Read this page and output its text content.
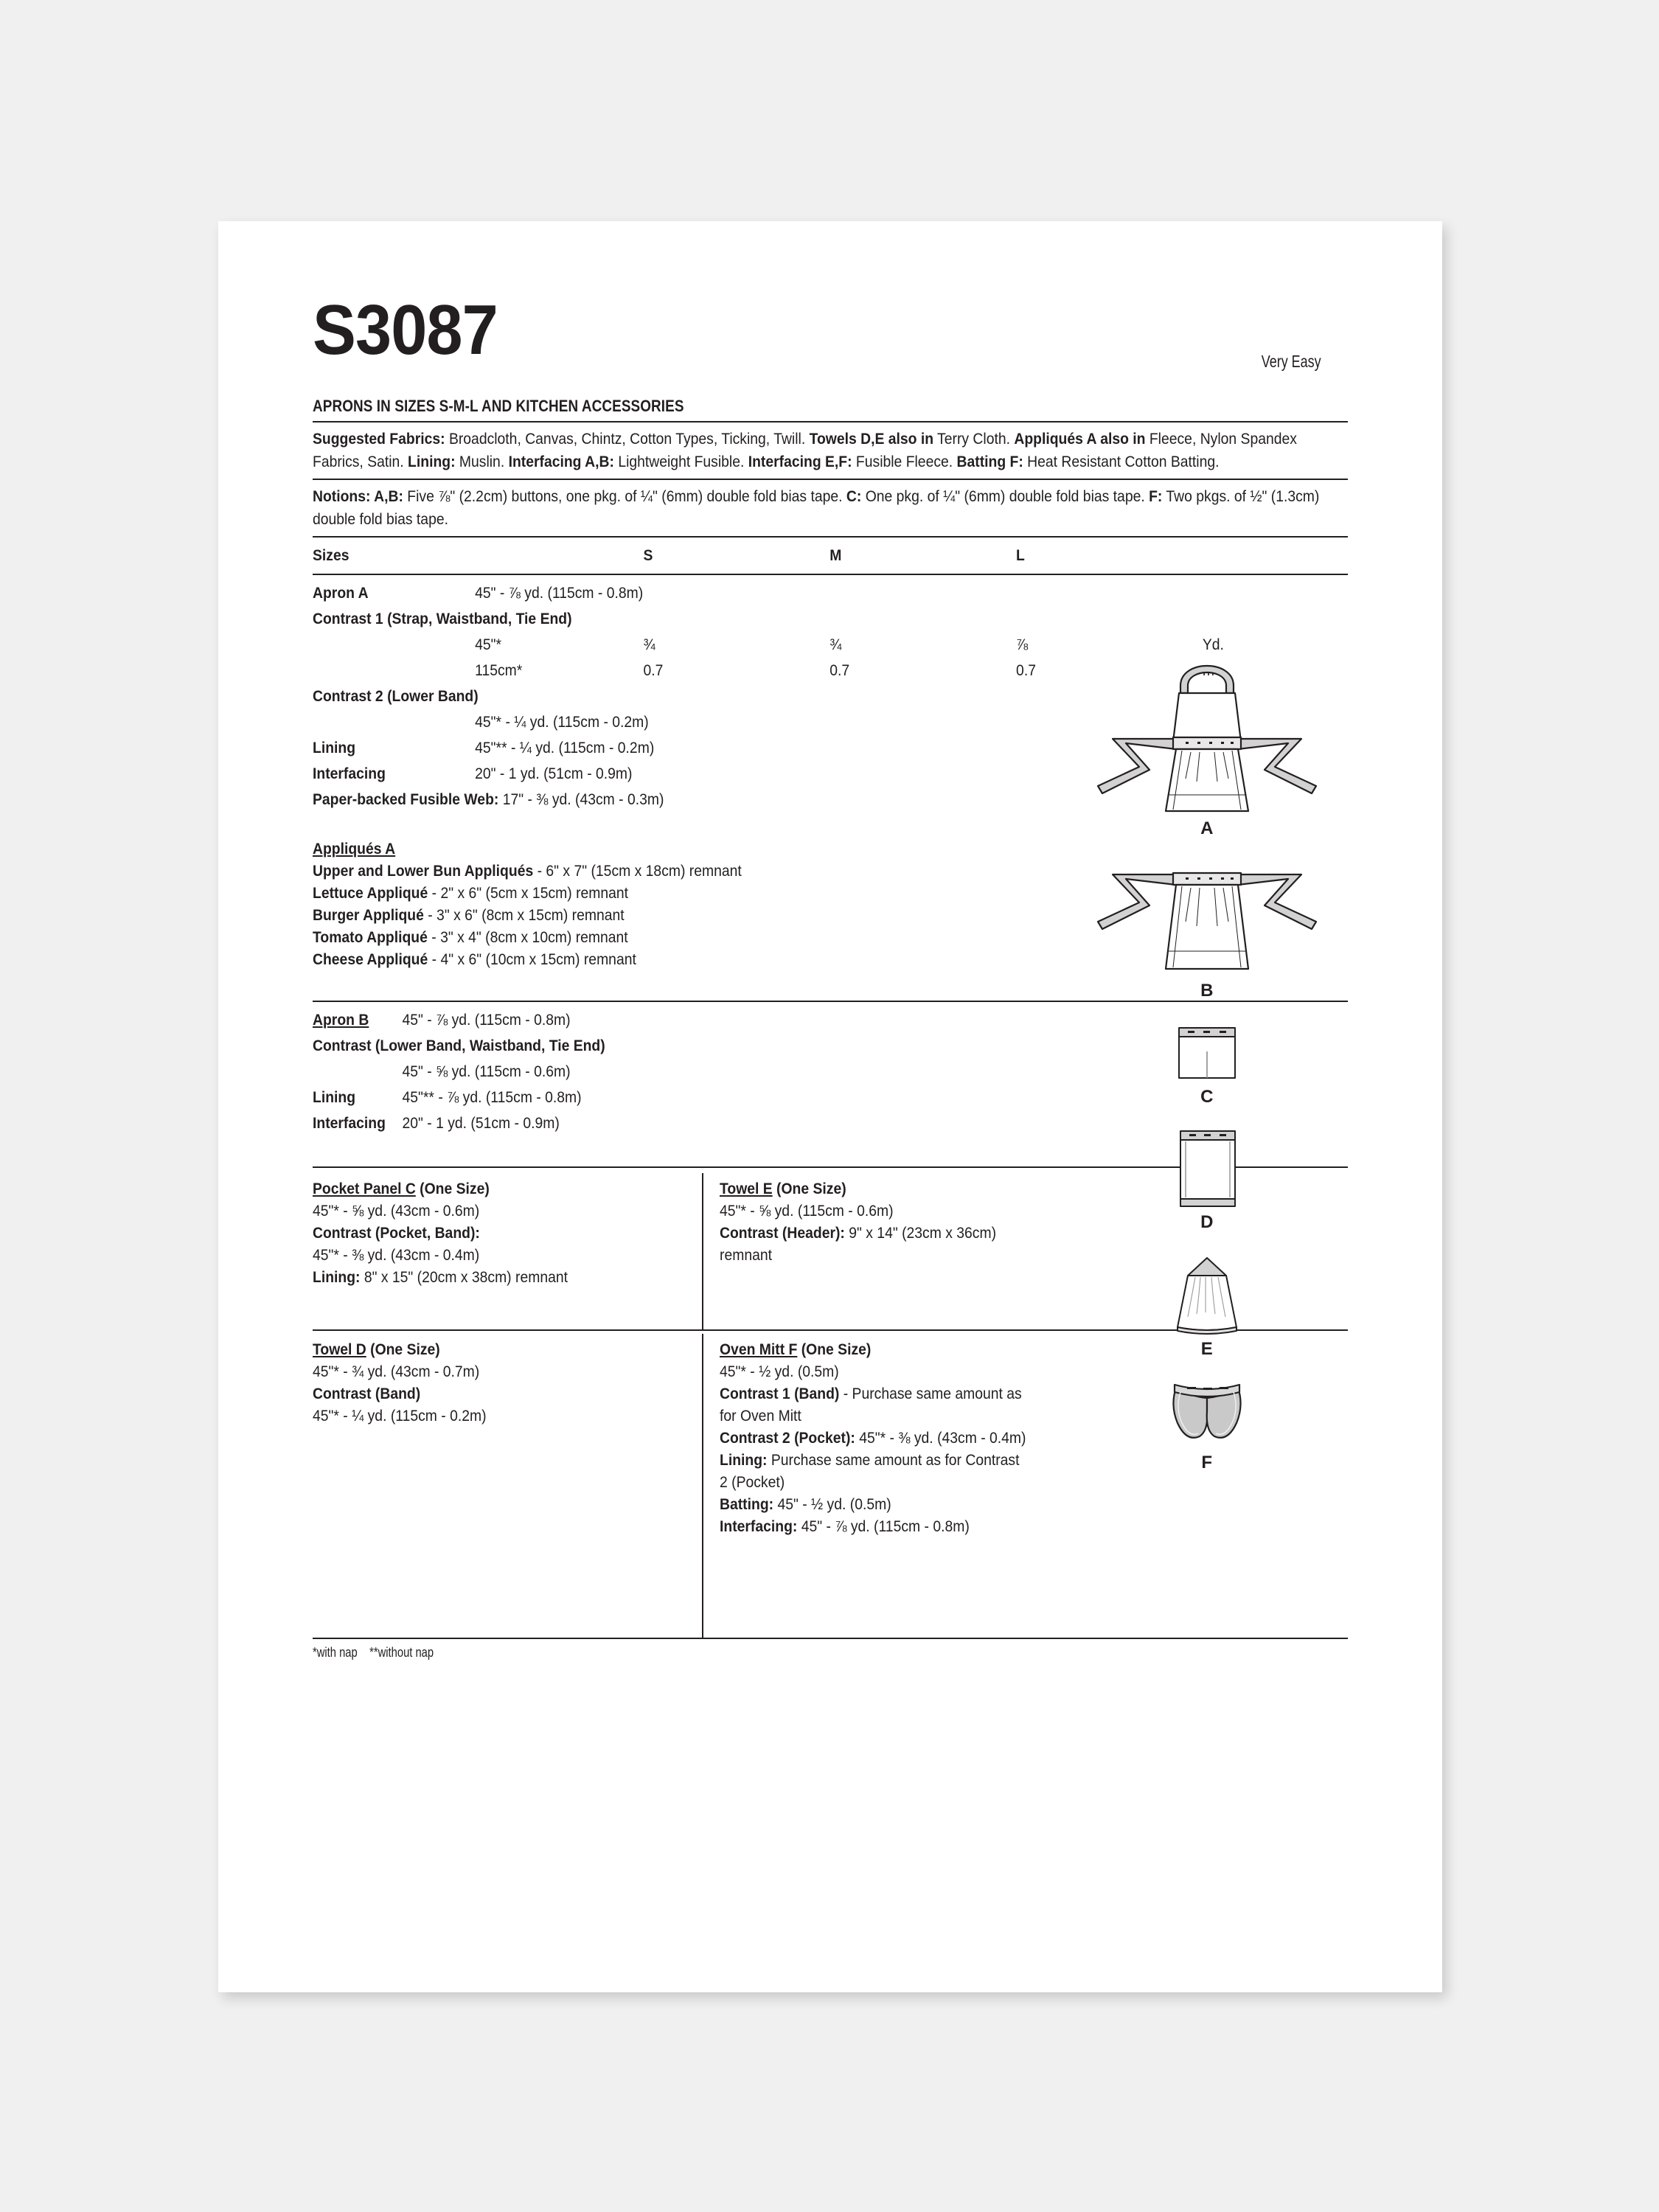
S3087	Very Easy
APRONS IN SIZES S-M-L AND KITCHEN ACCESSORIES
Suggested Fabrics: Broadcloth, Canvas, Chintz, Cotton Types, Ticking, Twill. Towels D,E also in Terry Cloth. Appliqués A also in Fleece, Nylon Spandex Fabrics, Satin. Lining: Muslin. Interfacing A,B: Lightweight Fusible. Interfacing E,F: Fusible Fleece. Batting F: Heat Resistant Cotton Batting.
Notions: A,B: Five ⅞" (2.2cm) buttons, one pkg. of ¼" (6mm) double fold bias tape. C: One pkg. of ¼" (6mm) double fold bias tape. F: Two pkgs. of ½" (1.3cm) double fold bias tape.
Sizes		S	M	L	
Apron A	45" - ⅞ yd. (115cm - 0.8m)				
Contrast 1 (Strap, Waistband, Tie End)					
	45"*	¾	¾	⅞	Yd.
	115cm*	0.7	0.7	0.7	
Contrast 2 (Lower Band)					
	45"* - ¼ yd. (115cm - 0.2m)				
Lining	45"** - ¼ yd. (115cm - 0.2m)				
Interfacing	20" - 1 yd. (51cm - 0.9m)				
Paper-backed Fusible Web: 17" - ⅜ yd. (43cm - 0.3m)					
Appliqués A
Upper and Lower Bun Appliqués - 6" x 7" (15cm x 18cm) remnant
Lettuce Appliqué - 2" x 6" (5cm x 15cm) remnant
Burger Appliqué - 3" x 6" (8cm x 15cm) remnant
Tomato Appliqué - 3" x 4" (8cm x 10cm) remnant
Cheese Appliqué - 4" x 6" (10cm x 15cm) remnant
Apron B	45" - ⅞ yd. (115cm - 0.8m)
Contrast (Lower Band, Waistband, Tie End)	
	45" - ⅝ yd. (115cm - 0.6m)
Lining	45"** - ⅞ yd. (115cm - 0.8m)
Interfacing	20" - 1 yd. (51cm - 0.9m)
Pocket Panel C (One Size)
45"* - ⅝ yd. (43cm - 0.6m)
Contrast (Pocket, Band):
45"* - ⅜ yd. (43cm - 0.4m)
Lining: 8" x 15" (20cm x 38cm) remnant
Towel E (One Size)
45"* - ⅝ yd. (115cm - 0.6m)
Contrast (Header): 9" x 14" (23cm x 36cm)
remnant
Towel D (One Size)
45"* - ¾ yd. (43cm - 0.7m)
Contrast (Band)
45"* - ¼ yd. (115cm - 0.2m)
Oven Mitt F (One Size)
45"* - ½ yd. (0.5m)
Contrast 1 (Band) - Purchase same amount as
for Oven Mitt
Contrast 2 (Pocket): 45"* - ⅜ yd. (43cm - 0.4m)
Lining: Purchase same amount as for Contrast
2 (Pocket)
Batting: 45" - ½ yd. (0.5m)
Interfacing: 45" - ⅞ yd. (115cm - 0.8m)
*with nap    **without nap
A
B
C
D
E
F
